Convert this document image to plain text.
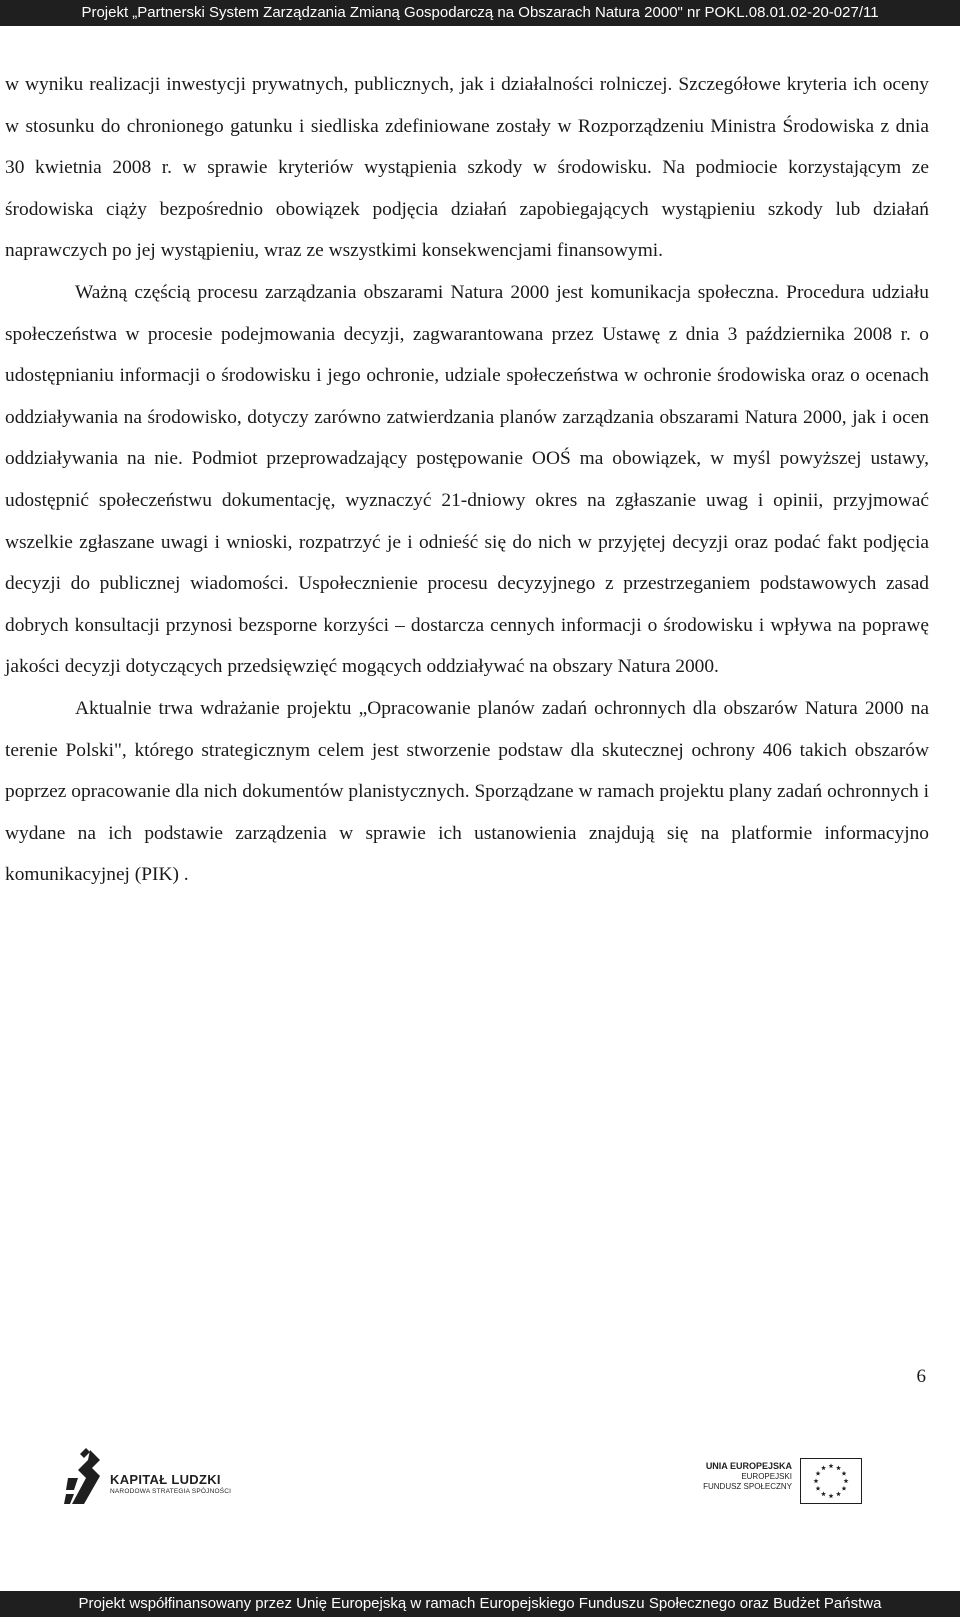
Projekt „Partnerski System Zarządzania Zmianą Gospodarczą na Obszarach Natura 2000" nr POKL.08.01.02-20-027/11

w wyniku realizacji inwestycji prywatnych, publicznych, jak i działalności rolniczej. Szczegółowe kryteria ich oceny w stosunku do chronionego gatunku i siedliska zdefiniowane zostały w Rozporządzeniu Ministra Środowiska z dnia 30 kwietnia 2008 r. w sprawie kryteriów wystąpienia szkody w środowisku. Na podmiocie korzystającym ze środowiska ciąży bezpośrednio obowiązek podjęcia działań zapobiegających wystąpieniu szkody lub działań naprawczych po jej wystąpieniu, wraz ze wszystkimi konsekwencjami finansowymi.

Ważną częścią procesu zarządzania obszarami Natura 2000 jest komunikacja społeczna. Procedura udziału społeczeństwa w procesie podejmowania decyzji, zagwarantowana przez Ustawę z dnia 3 października 2008 r. o udostępnianiu informacji o środowisku i jego ochronie, udziale społeczeństwa w ochronie środowiska oraz o ocenach oddziaływania na środowisko, dotyczy zarówno zatwierdzania planów zarządzania obszarami Natura 2000, jak i ocen oddziaływania na nie. Podmiot przeprowadzający postępowanie OOŚ ma obowiązek, w myśl powyższej ustawy, udostępnić społeczeństwu dokumentację, wyznaczyć 21-dniowy okres na zgłaszanie uwag i opinii, przyjmować wszelkie zgłaszane uwagi i wnioski, rozpatrzyć je i odnieść się do nich w przyjętej decyzji oraz podać fakt podjęcia decyzji do publicznej wiadomości. Uspołecznienie procesu decyzyjnego z przestrzeganiem podstawowych zasad dobrych konsultacji przynosi bezsporne korzyści – dostarcza cennych informacji o środowisku i wpływa na poprawę jakości decyzji dotyczących przedsięwzięć mogących oddziaływać na obszary Natura 2000.

Aktualnie trwa wdrażanie projektu „Opracowanie planów zadań ochronnych dla obszarów Natura 2000 na terenie Polski", którego strategicznym celem jest stworzenie podstaw dla skutecznej ochrony 406 takich obszarów poprzez opracowanie dla nich dokumentów planistycznych. Sporządzane w ramach projektu plany zadań ochronnych i wydane na ich podstawie zarządzenia w sprawie ich ustanowienia znajdują się na platformie informacyjno komunikacyjnej (PIK) .

6
KAPITAŁ LUDZKI
NARODOWA STRATEGIA SPÓJNOŚCI
UNIA EUROPEJSKA
EUROPEJSKI
FUNDUSZ SPOŁECZNY
Projekt współfinansowany przez Unię Europejską w ramach Europejskiego Funduszu Społecznego oraz Budżet Państwa
